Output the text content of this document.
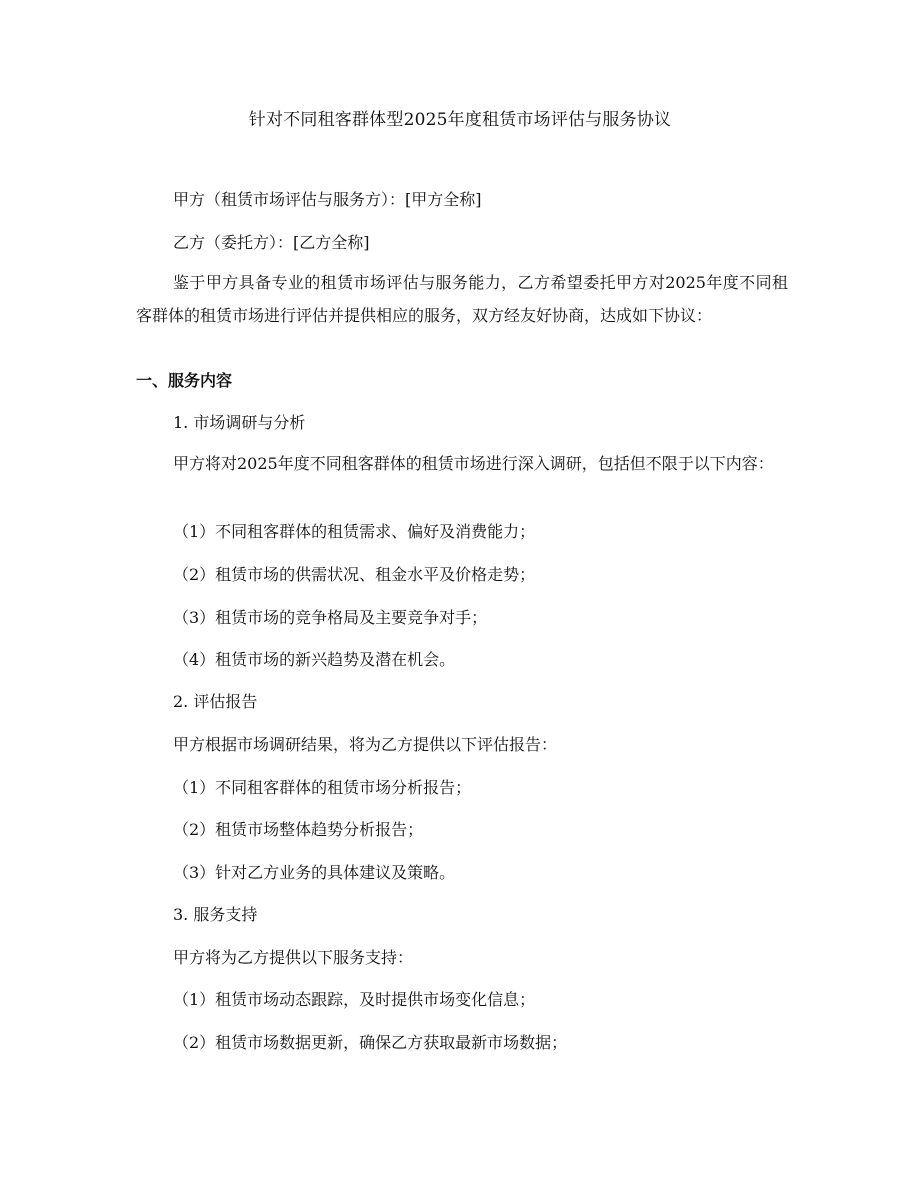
针对不同租客群体型2025年度租赁市场评估与服务协议
甲方（租赁市场评估与服务方）：[甲方全称]
乙方（委托方）：[乙方全称]
鉴于甲方具备专业的租赁市场评估与服务能力，乙方希望委托甲方对2025年度不同租客群体的租赁市场进行评估并提供相应的服务，双方经友好协商，达成如下协议：
一、服务内容
1. 市场调研与分析
甲方将对2025年度不同租客群体的租赁市场进行深入调研，包括但不限于以下内容：
（1）不同租客群体的租赁需求、偏好及消费能力；
（2）租赁市场的供需状况、租金水平及价格走势；
（3）租赁市场的竞争格局及主要竞争对手；
（4）租赁市场的新兴趋势及潜在机会。
2. 评估报告
甲方根据市场调研结果，将为乙方提供以下评估报告：
（1）不同租客群体的租赁市场分析报告；
（2）租赁市场整体趋势分析报告；
（3）针对乙方业务的具体建议及策略。
3. 服务支持
甲方将为乙方提供以下服务支持：
（1）租赁市场动态跟踪，及时提供市场变化信息；
（2）租赁市场数据更新，确保乙方获取最新市场数据；
